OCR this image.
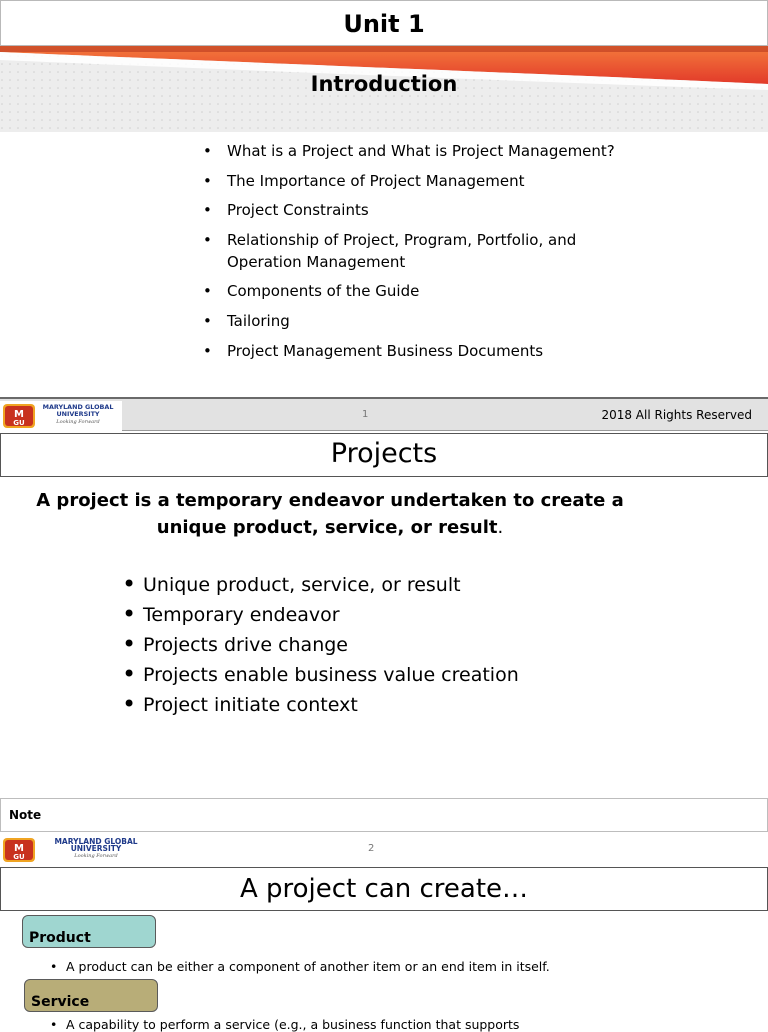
Unit 1
Introduction
• What is a Project and What is Project Management?
• The Importance of Project Management
• Project Constraints
• Relationship of Project, Program, Portfolio, and Operation Management
• Components of the Guide
• Tailoring
• Project Management Business Documents
M
GU
MARYLAND GLOBAL
UNIVERSITY
Looking Forward
1	2018 All Rights Reserved
Projects
A project is a temporary endeavor undertaken to create a unique product, service, or result.
• Unique product, service, or result
• Temporary endeavor
• Projects drive change
• Projects enable business value creation
• Project initiate context
Note
M
GU
MARYLAND GLOBAL
UNIVERSITY
Looking Forward
2
A project can create…
Product
• A product can be either a component of another item or an end item in itself.
Service
• A capability to perform a service (e.g., a business function that supports
